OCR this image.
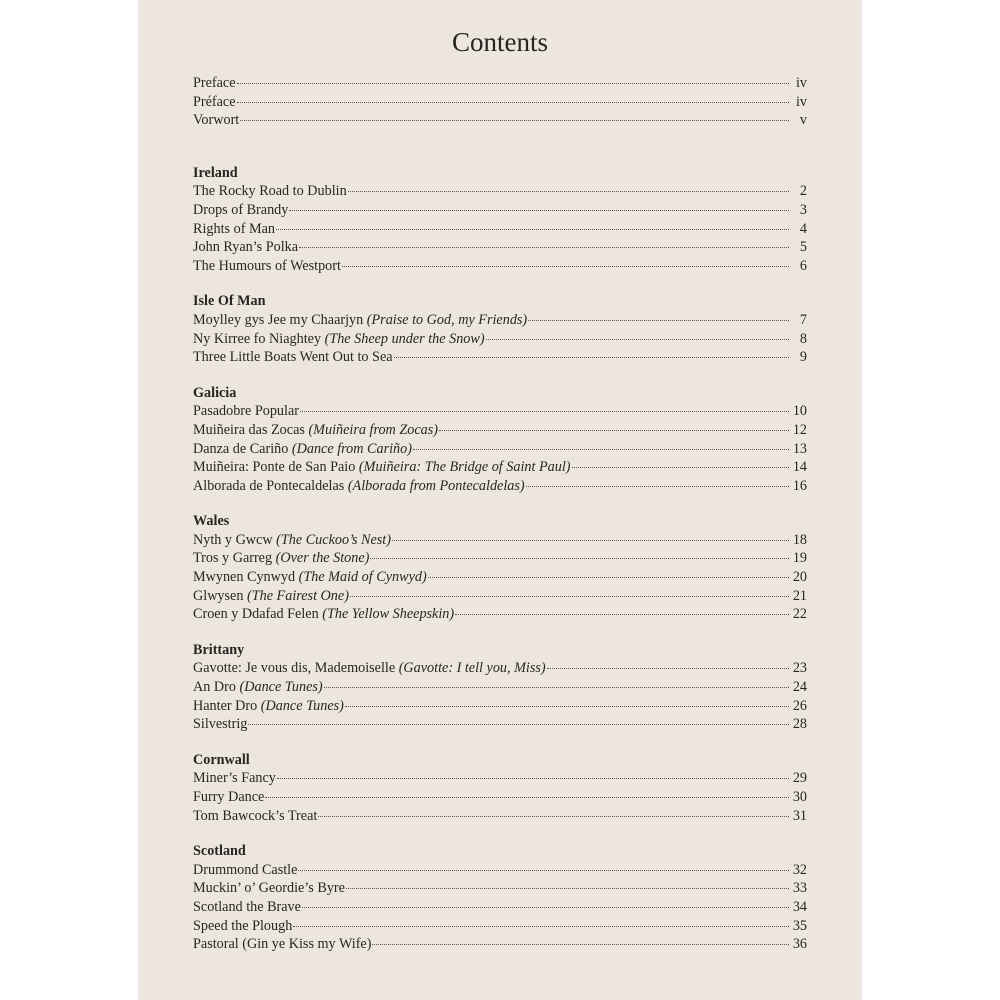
Contents
Preface	iv
Préface	iv
Vorwort	v
Ireland
The Rocky Road to Dublin	2
Drops of Brandy	3
Rights of Man	4
John Ryan’s Polka	5
The Humours of Westport	6
Isle Of Man
Moylley gys Jee my Chaarjyn (Praise to God, my Friends)	7
Ny Kirree fo Niaghtey (The Sheep under the Snow)	8
Three Little Boats Went Out to Sea	9
Galicia
Pasadobre Popular	10
Muiñeira das Zocas (Muiñeira from Zocas)	12
Danza de Cariño (Dance from Cariño)	13
Muiñeira: Ponte de San Paio (Muiñeira: The Bridge of Saint Paul)	14
Alborada de Pontecaldelas (Alborada from Pontecaldelas)	16
Wales
Nyth y Gwcw (The Cuckoo’s Nest)	18
Tros y Garreg (Over the Stone)	19
Mwynen Cynwyd (The Maid of Cynwyd)	20
Glwysen (The Fairest One)	21
Croen y Ddafad Felen (The Yellow Sheepskin)	22
Brittany
Gavotte: Je vous dis, Mademoiselle (Gavotte: I tell you, Miss)	23
An Dro (Dance Tunes)	24
Hanter Dro (Dance Tunes)	26
Silvestrig	28
Cornwall
Miner’s Fancy	29
Furry Dance	30
Tom Bawcock’s Treat	31
Scotland
Drummond Castle	32
Muckin’ o’ Geordie’s Byre	33
Scotland the Brave	34
Speed the Plough	35
Pastoral (Gin ye Kiss my Wife)	36
